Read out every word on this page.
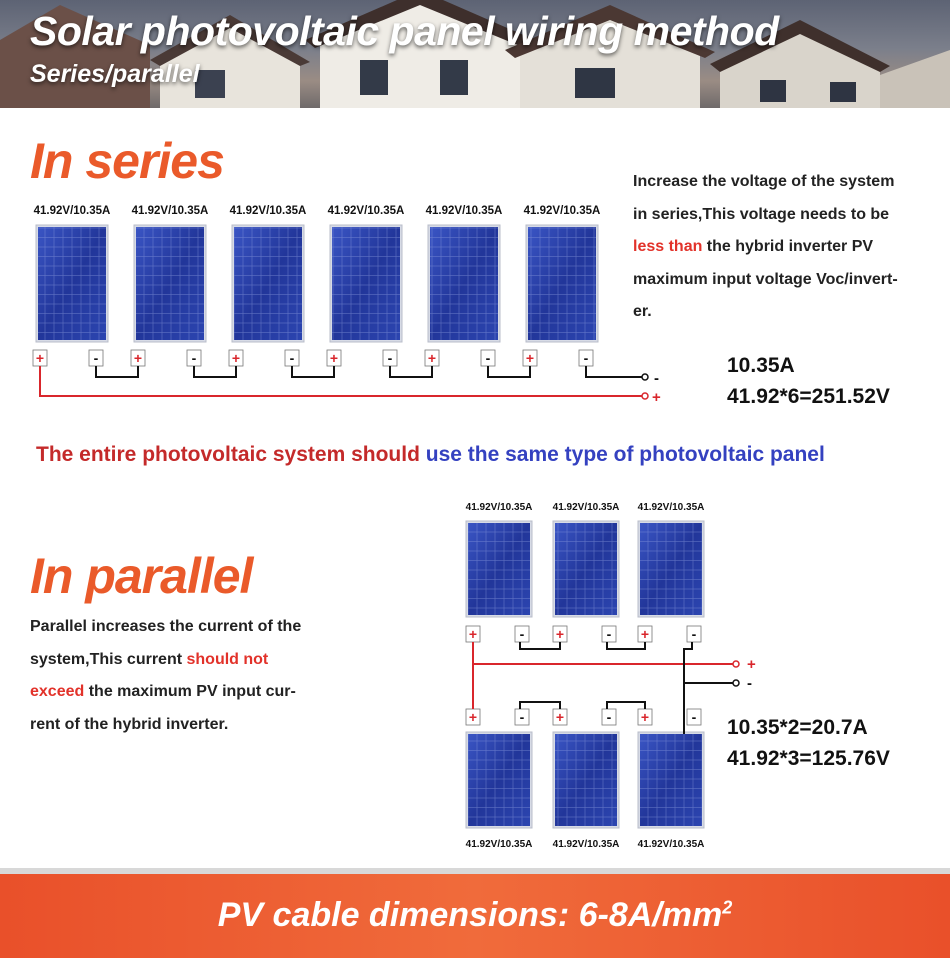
Solar photovoltaic panel wiring method
Series/parallel
In series	Increase the voltage of the system
in series,This voltage needs to be
less than the hybrid inverter PV
maximum input voltage Voc/invert-
er.
10.35A
41.92*6=251.52V
The entire photovoltaic system should use the same type of photovoltaic panel
In parallel
Parallel increases the current of the
system,This current should not
exceed the maximum PV input cur-
rent of the hybrid inverter.	10.35*2=20.7A
41.92*3=125.76V
41.92V/10.35A
+	-
41.92V/10.35A
+	-
41.92V/10.35A
+	-
41.92V/10.35A
+	-
41.92V/10.35A
+	-
41.92V/10.35A
+	-
-
+
41.92V/10.35A
+	-
41.92V/10.35A
+	-
41.92V/10.35A
+	-
41.92V/10.35A
+	-
41.92V/10.35A
+	-
41.92V/10.35A
+	-
+
-
PV cable dimensions: $6-8A/mm^2$
